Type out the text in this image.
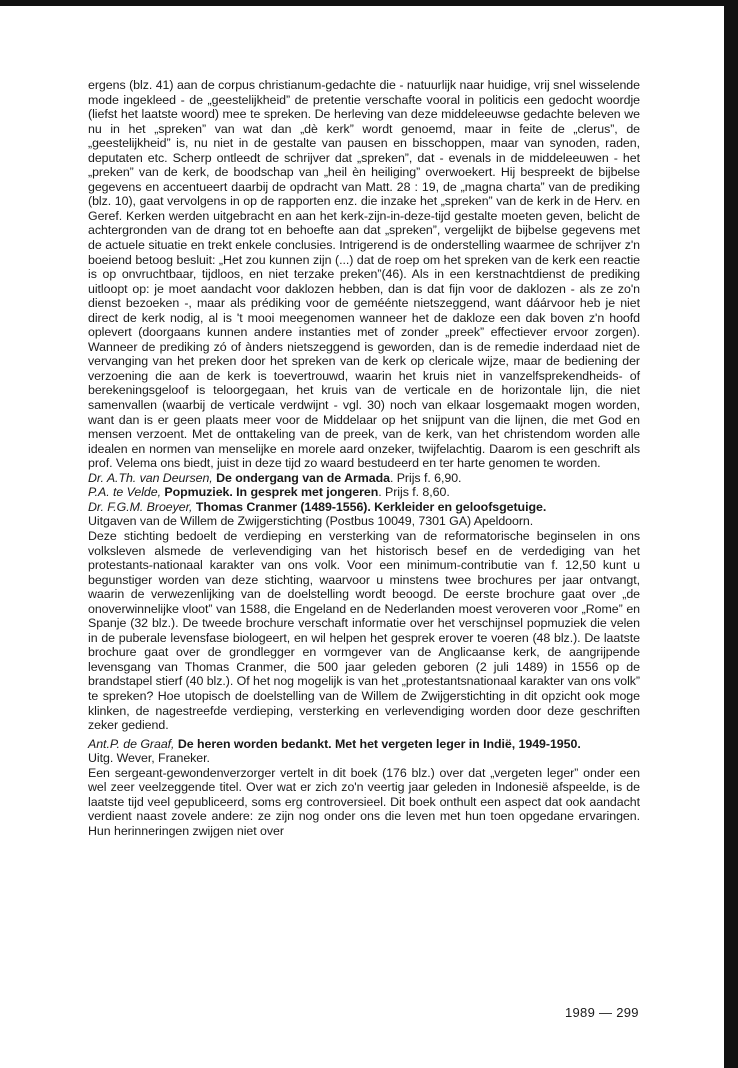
ergens (blz. 41) aan de corpus christianum-gedachte die - natuurlijk naar huidige, vrij snel wisselende mode ingekleed - de „geestelijkheid” de pretentie verschafte vooral in politicis een gedocht woordje (liefst het laatste woord) mee te spreken. De herleving van deze middeleeuwse gedachte beleven we nu in het „spreken” van wat dan „dè kerk” wordt genoemd, maar in feite de „clerus”, de „geestelijkheid” is, nu niet in de gestalte van pausen en bisschoppen, maar van synoden, raden, deputaten etc. Scherp ontleedt de schrijver dat „spreken”, dat - evenals in de middeleeuwen - het „preken” van de kerk, de boodschap van „heil èn heiliging” overwoekert. Hij bespreekt de bijbelse gegevens en accentueert daarbij de opdracht van Matt. 28 : 19, de „magna charta” van de prediking (blz. 10), gaat vervolgens in op de rapporten enz. die inzake het „spreken” van de kerk in de Herv. en Geref. Kerken werden uitgebracht en aan het kerk-zijn-in-deze-tijd gestalte moeten geven, belicht de achtergronden van de drang tot en behoefte aan dat „spreken”, vergelijkt de bijbelse gegevens met de actuele situatie en trekt enkele conclusies. Intrigerend is de onderstelling waarmee de schrijver z'n boeiend betoog besluit: „Het zou kunnen zijn (...) dat de roep om het spreken van de kerk een reactie is op onvruchtbaar, tijdloos, en niet terzake preken”(46). Als in een kerstnachtdienst de prediking uitloopt op: je moet aandacht voor daklozen hebben, dan is dat fijn voor de daklozen - als ze zo'n dienst bezoeken -, maar als prédiking voor de geméénte nietszeggend, want dáárvoor heb je niet direct de kerk nodig, al is 't mooi meegenomen wanneer het de dakloze een dak boven z'n hoofd oplevert (doorgaans kunnen andere instanties met of zonder „preek” effectiever ervoor zorgen). Wanneer de prediking zó of ànders nietszeggend is geworden, dan is de remedie inderdaad niet de vervanging van het preken door het spreken van de kerk op clericale wijze, maar de bediening der verzoening die aan de kerk is toevertrouwd, waarin het kruis niet in vanzelfsprekendheids- of berekeningsgeloof is teloorgegaan, het kruis van de verticale en de horizontale lijn, die niet samenvallen (waarbij de verticale verdwijnt - vgl. 30) noch van elkaar losgemaakt mogen worden, want dan is er geen plaats meer voor de Middelaar op het snijpunt van die lijnen, die met God en mensen verzoent. Met de onttakeling van de preek, van de kerk, van het christendom worden alle idealen en normen van menselijke en morele aard onzeker, twijfelachtig. Daarom is een geschrift als prof. Velema ons biedt, juist in deze tijd zo waard bestudeerd en ter harte genomen te worden.

Dr. A.Th. van Deursen, De ondergang van de Armada. Prijs f. 6,90.

P.A. te Velde, Popmuziek. In gesprek met jongeren. Prijs f. 8,60.

Dr. F.G.M. Broeyer, Thomas Cranmer (1489-1556). Kerkleider en geloofsgetuige.

Uitgaven van de Willem de Zwijgerstichting (Postbus 10049, 7301 GA) Apeldoorn.

Deze stichting bedoelt de verdieping en versterking van de reformatorische beginselen in ons volksleven alsmede de verlevendiging van het historisch besef en de verdediging van het protestants-nationaal karakter van ons volk. Voor een minimum-contributie van f. 12,50 kunt u begunstiger worden van deze stichting, waarvoor u minstens twee brochures per jaar ontvangt, waarin de verwezenlijking van de doelstelling wordt beoogd. De eerste brochure gaat over „de onoverwinnelijke vloot” van 1588, die Engeland en de Nederlanden moest veroveren voor „Rome” en Spanje (32 blz.). De tweede brochure verschaft informatie over het verschijnsel popmuziek die velen in de puberale levensfase biologeert, en wil helpen het gesprek erover te voeren (48 blz.). De laatste brochure gaat over de grondlegger en vormgever van de Anglicaanse kerk, de aangrijpende levensgang van Thomas Cranmer, die 500 jaar geleden geboren (2 juli 1489) in 1556 op de brandstapel stierf (40 blz.). Of het nog mogelijk is van het „protestantsnationaal karakter van ons volk” te spreken? Hoe utopisch de doelstelling van de Willem de Zwijgerstichting in dit opzicht ook moge klinken, de nagestreefde verdieping, versterking en verlevendiging worden door deze geschriften zeker gediend.

Ant.P. de Graaf, De heren worden bedankt. Met het vergeten leger in Indië, 1949-1950.

Uitg. Wever, Franeker.

Een sergeant-gewondenverzorger vertelt in dit boek (176 blz.) over dat „vergeten leger” onder een wel zeer veelzeggende titel. Over wat er zich zo'n veertig jaar geleden in Indonesië afspeelde, is de laatste tijd veel gepubliceerd, soms erg controversieel. Dit boek onthult een aspect dat ook aandacht verdient naast zovele andere: ze zijn nog onder ons die leven met hun toen opgedane ervaringen. Hun herinneringen zwijgen niet over

1989 — 299
